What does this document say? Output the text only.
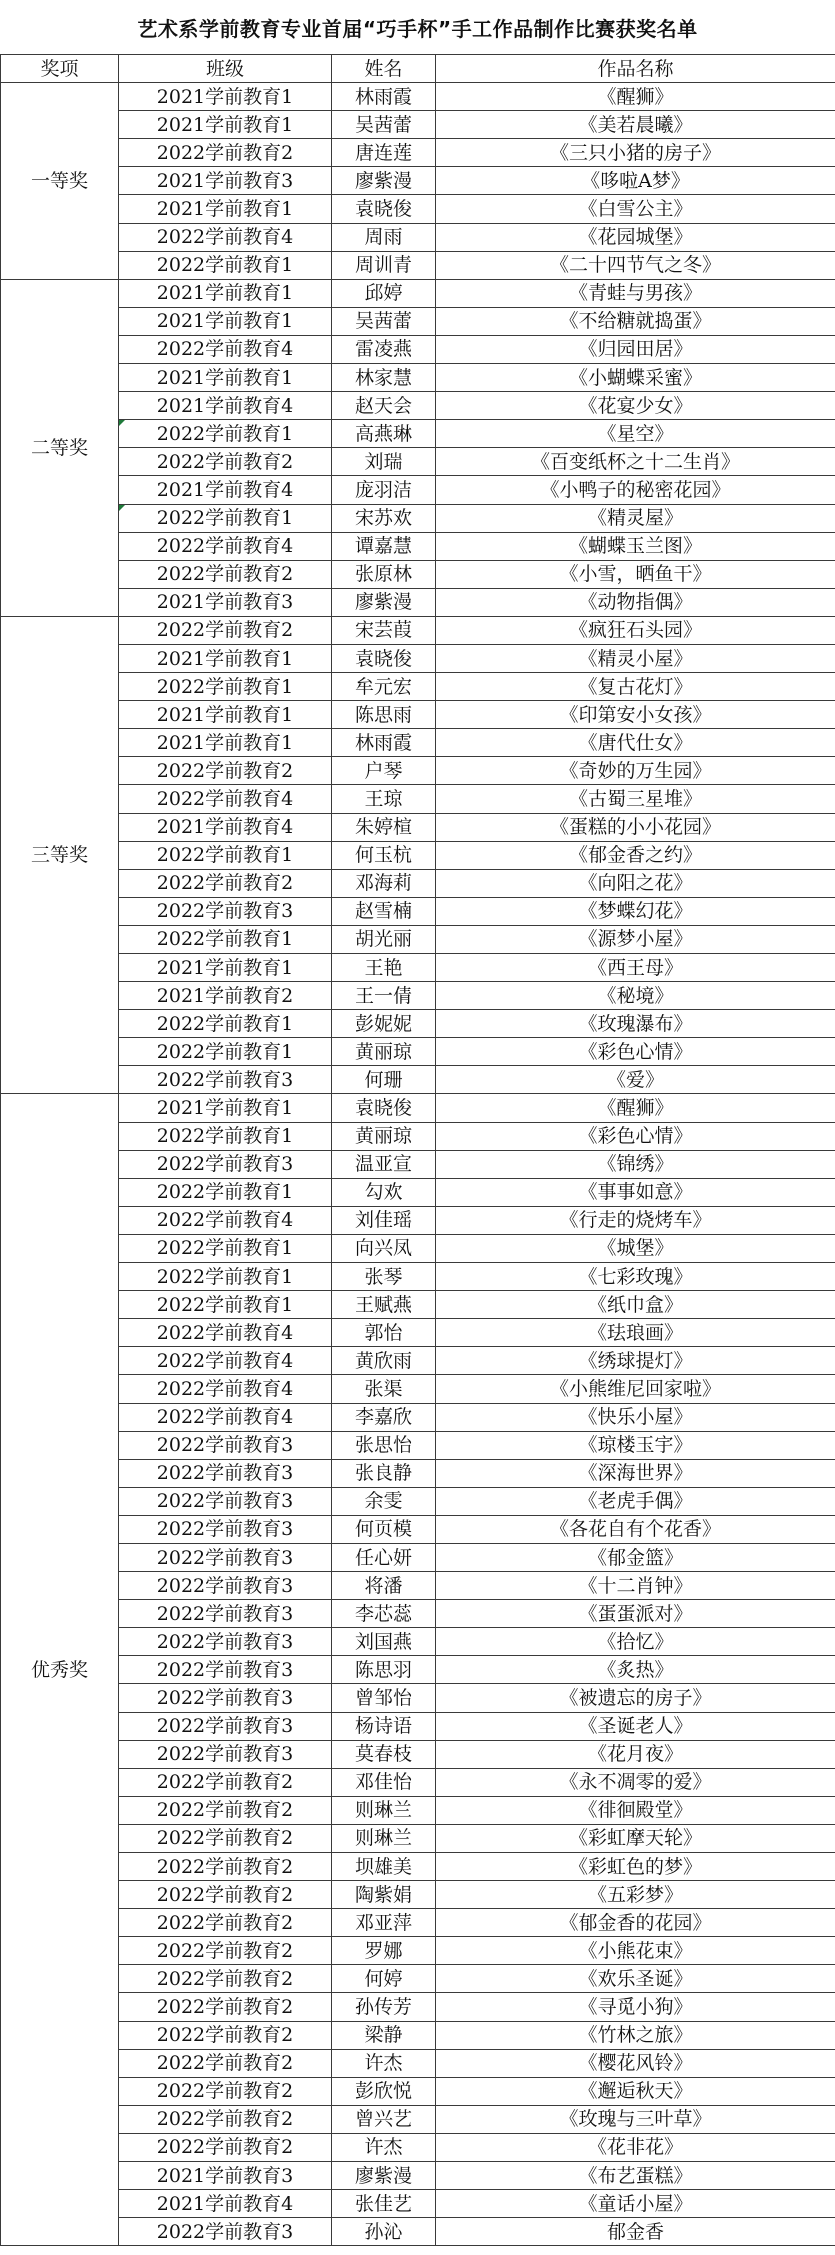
艺术系学前教育专业首届“巧手杯”手工作品制作比赛获奖名单
奖项	班级	姓名	作品名称
一等奖	2021学前教育1	林雨霞	《醒狮》
	2021学前教育1	吴茜蕾	《美若晨曦》
	2022学前教育2	唐连莲	《三只小猪的房子》
	2021学前教育3	廖紫漫	《哆啦A梦》
	2021学前教育1	袁晓俊	《白雪公主》
	2022学前教育4	周雨	《花园城堡》
	2022学前教育1	周训青	《二十四节气之冬》
二等奖	2021学前教育1	邱婷	《青蛙与男孩》
	2021学前教育1	吴茜蕾	《不给糖就捣蛋》
	2022学前教育4	雷凌燕	《归园田居》
	2021学前教育1	林家慧	《小蝴蝶采蜜》
	2021学前教育4	赵天会	《花宴少女》
	2022学前教育1	高燕琳	《星空》
	2022学前教育2	刘瑞	《百变纸杯之十二生肖》
	2021学前教育4	庞羽洁	《小鸭子的秘密花园》
	2022学前教育1	宋苏欢	《精灵屋》
	2022学前教育4	谭嘉慧	《蝴蝶玉兰图》
	2022学前教育2	张原林	《小雪，晒鱼干》
	2021学前教育3	廖紫漫	《动物指偶》
三等奖	2022学前教育2	宋芸葭	《疯狂石头园》
	2021学前教育1	袁晓俊	《精灵小屋》
	2022学前教育1	牟元宏	《复古花灯》
	2021学前教育1	陈思雨	《印第安小女孩》
	2021学前教育1	林雨霞	《唐代仕女》
	2022学前教育2	户琴	《奇妙的万生园》
	2022学前教育4	王琼	《古蜀三星堆》
	2021学前教育4	朱婷楦	《蛋糕的小小花园》
	2022学前教育1	何玉杭	《郁金香之约》
	2022学前教育2	邓海莉	《向阳之花》
	2022学前教育3	赵雪楠	《梦蝶幻花》
	2022学前教育1	胡光丽	《源梦小屋》
	2021学前教育1	王艳	《西王母》
	2021学前教育2	王一倩	《秘境》
	2022学前教育1	彭妮妮	《玫瑰瀑布》
	2022学前教育1	黄丽琼	《彩色心情》
	2022学前教育3	何珊	《爱》
优秀奖	2021学前教育1	袁晓俊	《醒狮》
	2022学前教育1	黄丽琼	《彩色心情》
	2022学前教育3	温亚宣	《锦绣》
	2022学前教育1	勾欢	《事事如意》
	2022学前教育4	刘佳瑶	《行走的烧烤车》
	2022学前教育1	向兴凤	《城堡》
	2022学前教育1	张琴	《七彩玫瑰》
	2022学前教育1	王赋燕	《纸巾盒》
	2022学前教育4	郭怡	《珐琅画》
	2022学前教育4	黄欣雨	《绣球提灯》
	2022学前教育4	张渠	《小熊维尼回家啦》
	2022学前教育4	李嘉欣	《快乐小屋》
	2022学前教育3	张思怡	《琼楼玉宇》
	2022学前教育3	张良静	《深海世界》
	2022学前教育3	余雯	《老虎手偶》
	2022学前教育3	何页模	《各花自有个花香》
	2022学前教育3	任心妍	《郁金篮》
	2022学前教育3	将潘	《十二肖钟》
	2022学前教育3	李芯蕊	《蛋蛋派对》
	2022学前教育3	刘国燕	《拾忆》
	2022学前教育3	陈思羽	《炙热》
	2022学前教育3	曾邹怡	《被遗忘的房子》
	2022学前教育3	杨诗语	《圣诞老人》
	2022学前教育3	莫春枝	《花月夜》
	2022学前教育2	邓佳怡	《永不凋零的爱》
	2022学前教育2	则琳兰	《徘徊殿堂》
	2022学前教育2	则琳兰	《彩虹摩天轮》
	2022学前教育2	坝雄美	《彩虹色的梦》
	2022学前教育2	陶紫娟	《五彩梦》
	2022学前教育2	邓亚萍	《郁金香的花园》
	2022学前教育2	罗娜	《小熊花束》
	2022学前教育2	何婷	《欢乐圣诞》
	2022学前教育2	孙传芳	《寻觅小狗》
	2022学前教育2	梁静	《竹林之旅》
	2022学前教育2	许杰	《樱花风铃》
	2022学前教育2	彭欣悦	《邂逅秋天》
	2022学前教育2	曾兴艺	《玫瑰与三叶草》
	2022学前教育2	许杰	《花非花》
	2021学前教育3	廖紫漫	《布艺蛋糕》
	2021学前教育4	张佳艺	《童话小屋》
	2022学前教育3	孙沁	郁金香
